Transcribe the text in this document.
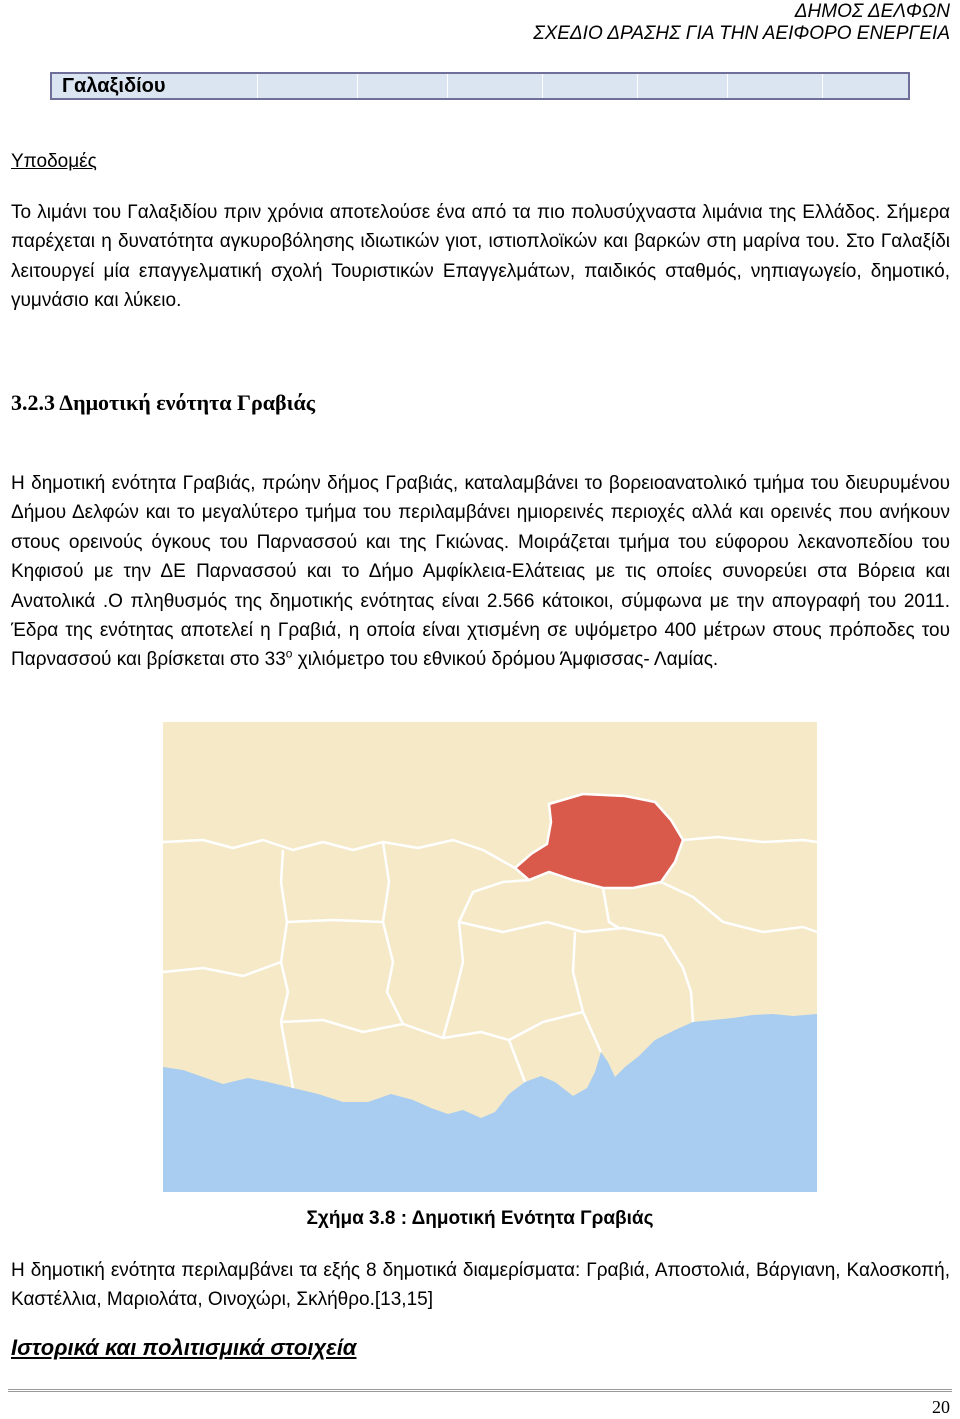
ΔΗΜΟΣ ΔΕΛΦΩΝ
ΣΧΕΔΙΟ ΔΡΑΣΗΣ ΓΙΑ ΤΗΝ ΑΕΙΦΟΡΟ ΕΝΕΡΓΕΙΑ
Γαλαξιδίου
Υποδομές
Το λιμάνι του Γαλαξιδίου πριν χρόνια αποτελούσε ένα από τα πιο πολυσύχναστα λιμάνια της Ελλάδος. Σήμερα παρέχεται η δυνατότητα αγκυροβόλησης ιδιωτικών γιοτ, ιστιοπλοϊκών και βαρκών στη μαρίνα του. Στο Γαλαξίδι λειτουργεί μία επαγγελματική σχολή Τουριστικών Επαγγελμάτων, παιδικός σταθμός, νηπιαγωγείο, δημοτικό, γυμνάσιο και λύκειο.
3.2.3 Δημοτική ενότητα Γραβιάς
Η δημοτική ενότητα Γραβιάς, πρώην δήμος Γραβιάς, καταλαμβάνει το βορειοανατολικό τμήμα του διευρυμένου Δήμου Δελφών και το μεγαλύτερο τμήμα του περιλαμβάνει ημιορεινές περιοχές αλλά και ορεινές που ανήκουν στους ορεινούς όγκους του Παρνασσού και της Γκιώνας. Μοιράζεται τμήμα του εύφορου λεκανοπεδίου του Κηφισού με την ΔΕ Παρνασσού και το Δήμο Αμφίκλεια-Ελάτειας με τις οποίες συνορεύει στα Βόρεια και Ανατολικά .Ο πληθυσμός της δημοτικής ενότητας είναι 2.566 κάτοικοι, σύμφωνα με την απογραφή του 2011. Έδρα της ενότητας αποτελεί η Γραβιά, η οποία είναι χτισμένη σε υψόμετρο 400 μέτρων στους πρόποδες του Παρνασσού και βρίσκεται στο $33^o$ χιλιόμετρο του εθνικού δρόμου Άμφισσας- Λαμίας.
Σχήμα 3.8 : Δημοτική Ενότητα Γραβιάς
Η δημοτική ενότητα περιλαμβάνει τα εξής 8 δημοτικά διαμερίσματα: Γραβιά, Αποστολιά, Βάργιανη, Καλοσκοπή, Καστέλλια, Μαριολάτα, Οινοχώρι, Σκλήθρο.[13,15]
Ιστορικά και πολιτισμικά στοιχεία
20
